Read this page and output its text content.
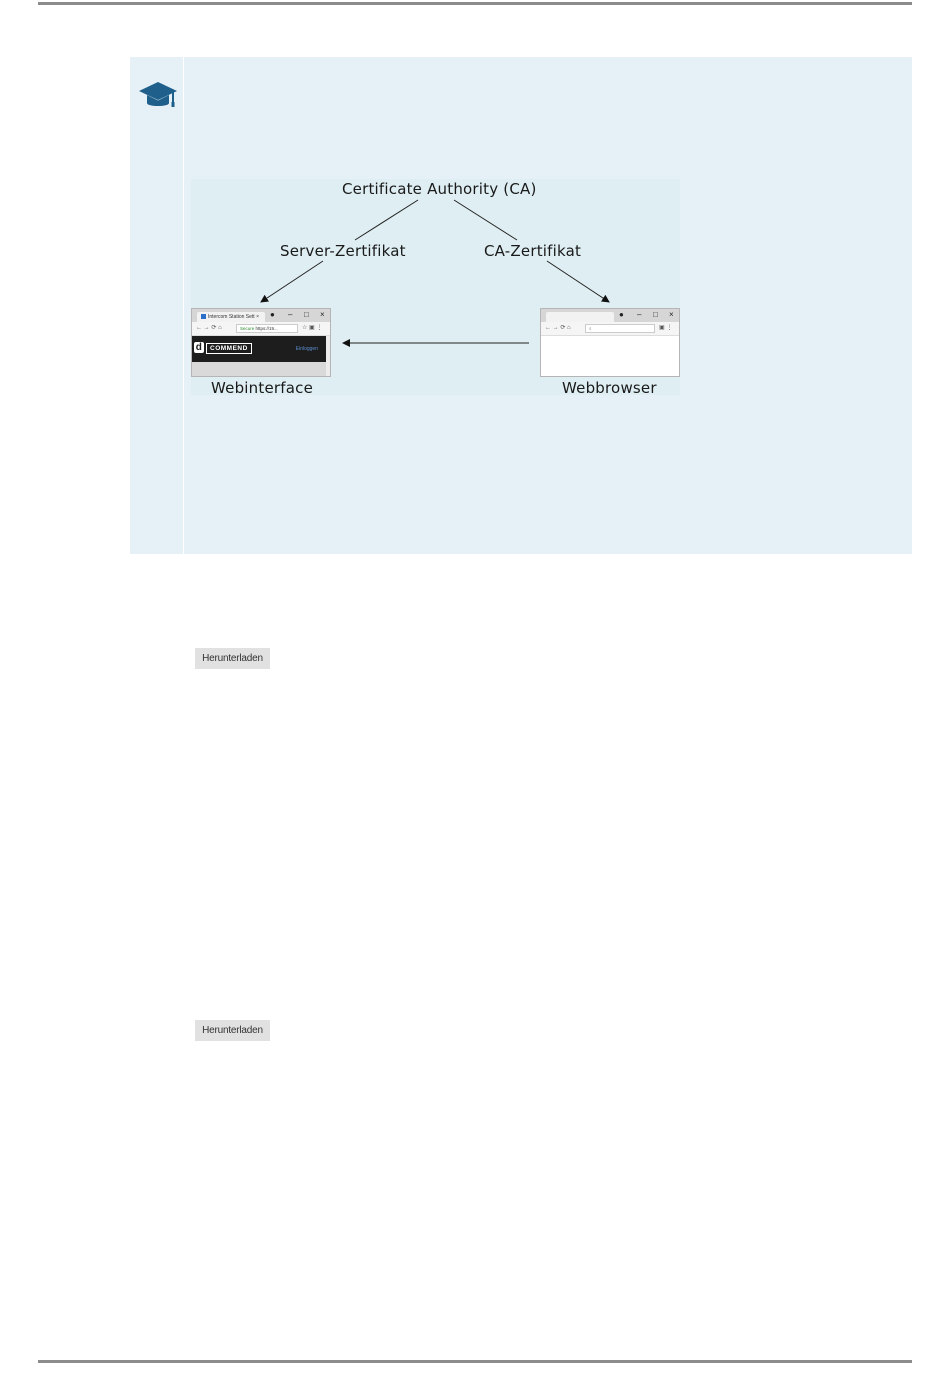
Certificate Authority (CA)
Server-Zertifikat	CA-Zertifikat
Intercom Station Sett ×	● – □ ×
← → ⟳ ⌂	Secure https://19...	☆ ▣ ⋮
d COMMEND	Einloggen
● – □ ×
← → ⟳ ⌂	⌕	▣ ⋮
Webinterface	Webbrowser
Herunterladen
Herunterladen
